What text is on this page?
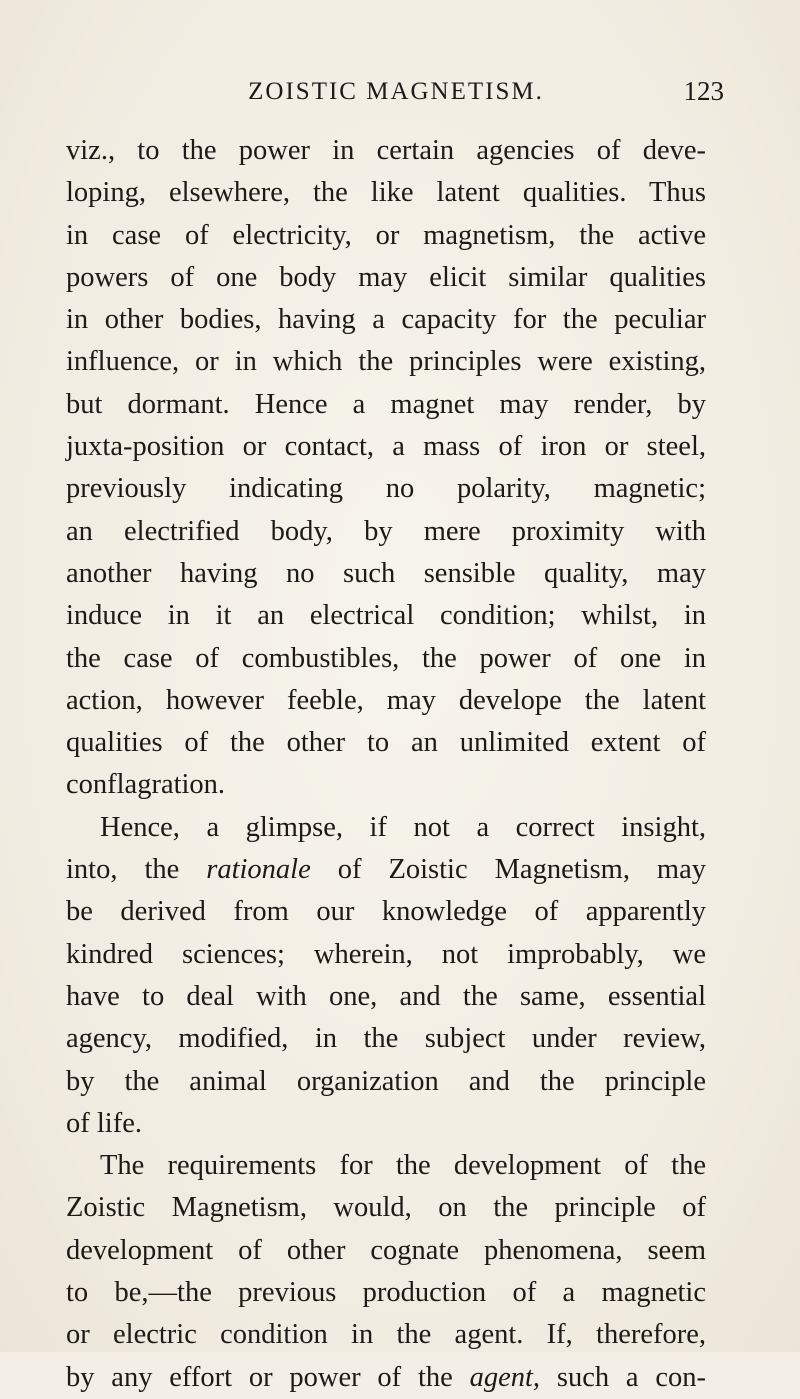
ZOISTIC MAGNETISM.	123
viz., to the power in certain agencies of deve-
loping, elsewhere, the like latent qualities. Thus
in case of electricity, or magnetism, the active
powers of one body may elicit similar qualities
in other bodies, having a capacity for the peculiar
influence, or in which the principles were existing,
but dormant. Hence a magnet may render, by
juxta-position or contact, a mass of iron or steel,
previously indicating no polarity, magnetic;
an electrified body, by mere proximity with
another having no such sensible quality, may
induce in it an electrical condition; whilst, in
the case of combustibles, the power of one in
action, however feeble, may develope the latent
qualities of the other to an unlimited extent of
conflagration.
Hence, a glimpse, if not a correct insight,
into, the rationale of Zoistic Magnetism, may
be derived from our knowledge of apparently
kindred sciences; wherein, not improbably, we
have to deal with one, and the same, essential
agency, modified, in the subject under review,
by the animal organization and the principle
of life.
The requirements for the development of the
Zoistic Magnetism, would, on the principle of
development of other cognate phenomena, seem
to be,—the previous production of a magnetic
or electric condition in the agent. If, therefore,
by any effort or power of the agent, such a con-
